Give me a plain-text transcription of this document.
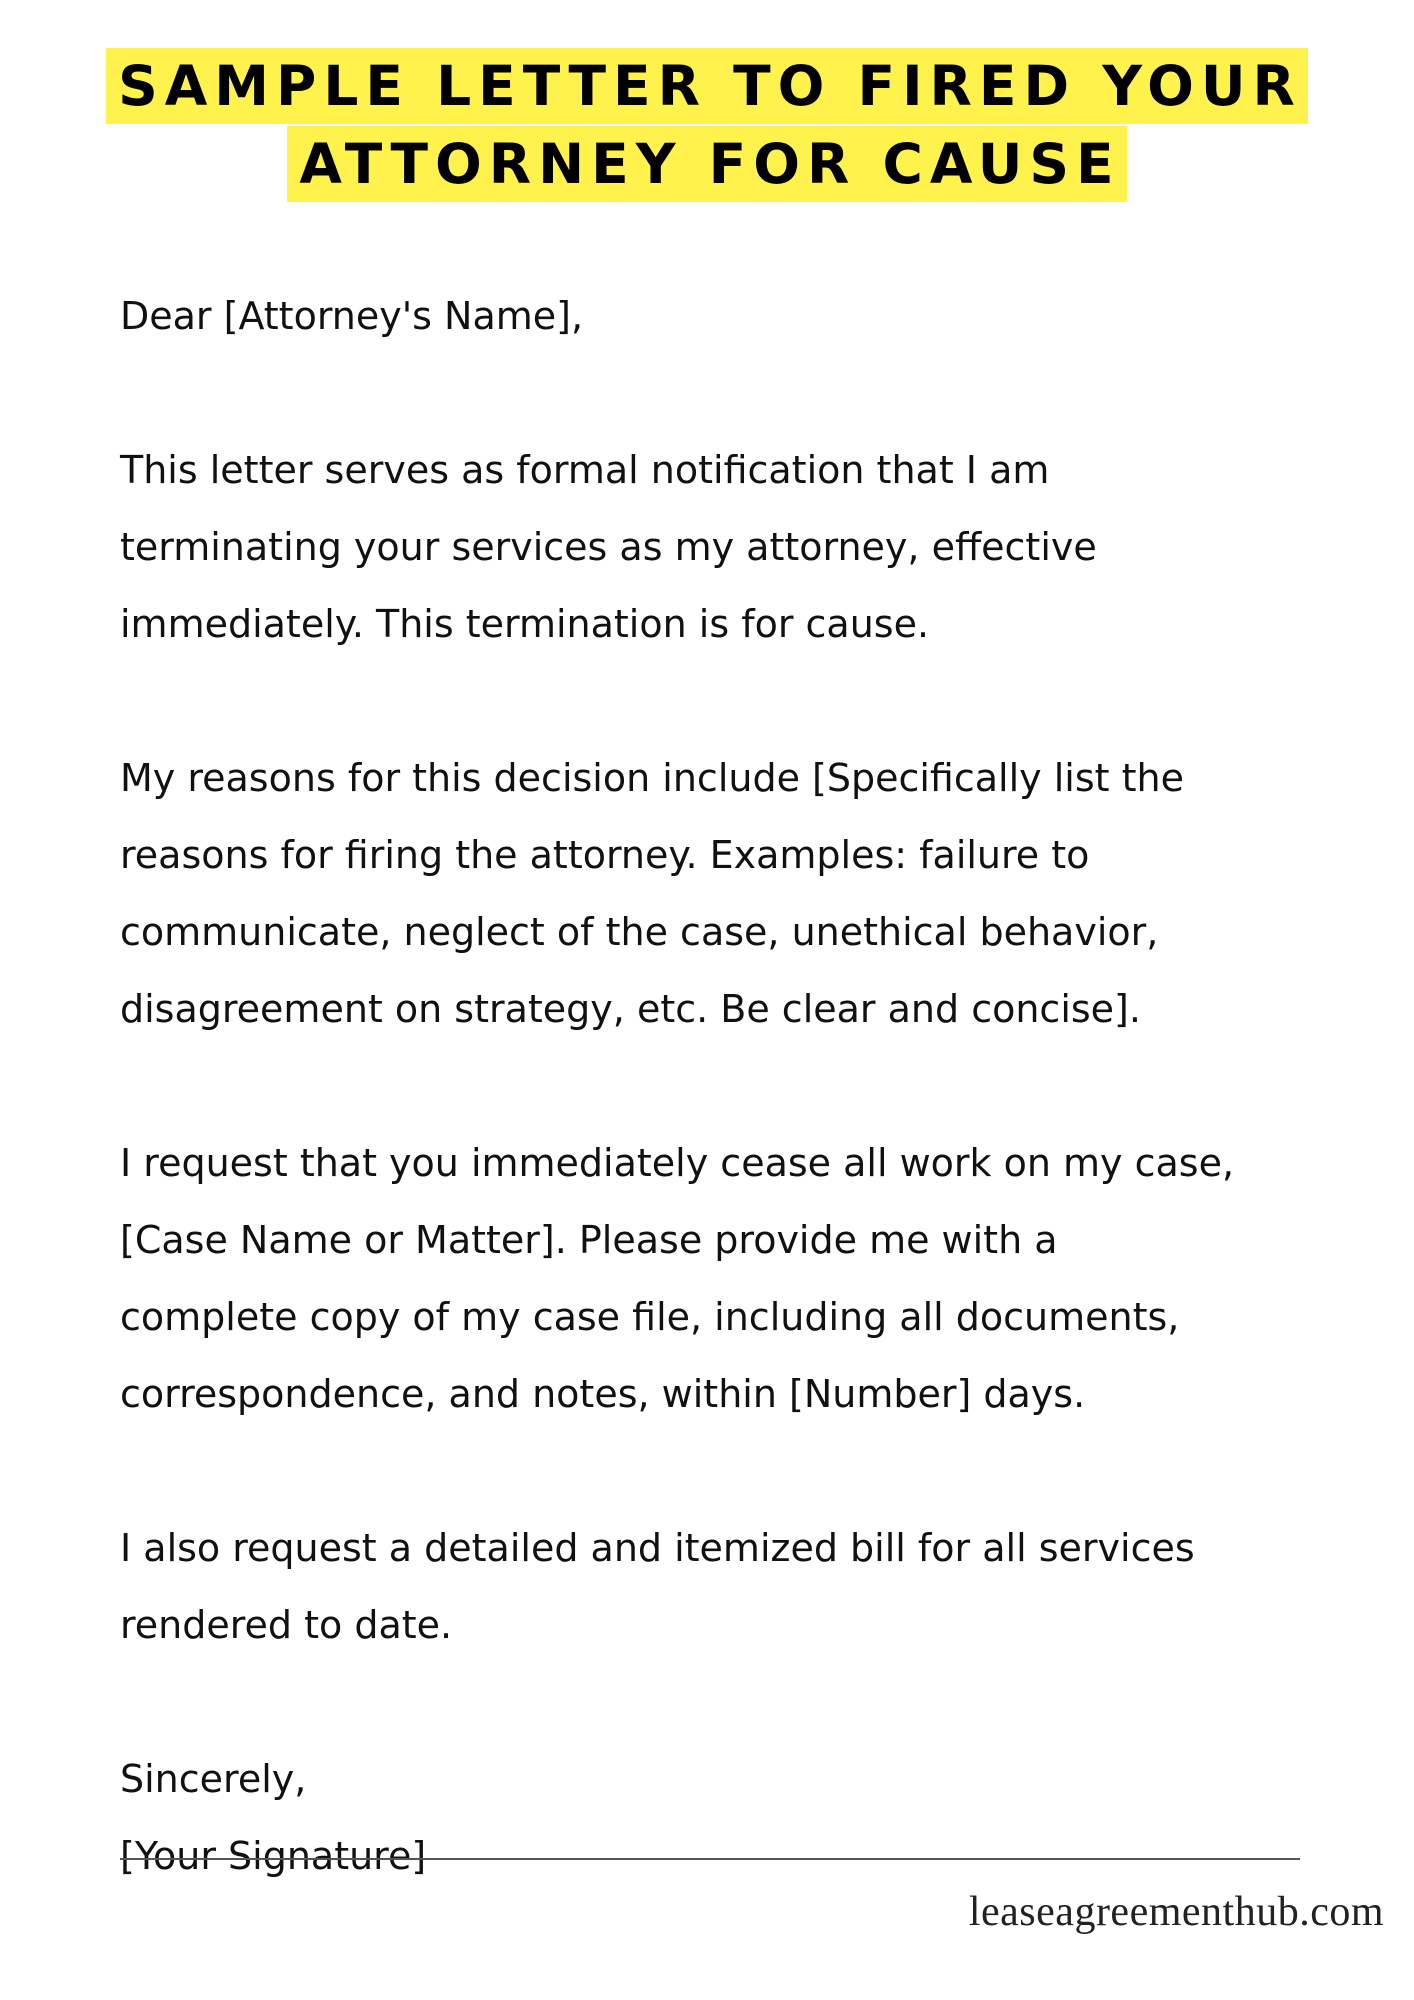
SAMPLE LETTER TO FIRED YOUR
ATTORNEY FOR CAUSE

Dear [Attorney's Name],

This letter serves as formal notification that I am

terminating your services as my attorney, effective

immediately. This termination is for cause.

My reasons for this decision include [Specifically list the

reasons for firing the attorney. Examples: failure to

communicate, neglect of the case, unethical behavior,

disagreement on strategy, etc. Be clear and concise].

I request that you immediately cease all work on my case,

[Case Name or Matter]. Please provide me with a

complete copy of my case file, including all documents,

correspondence, and notes, within [Number] days.

I also request a detailed and itemized bill for all services

rendered to date.

Sincerely,

[Your Signature]

leaseagreementhub.com
